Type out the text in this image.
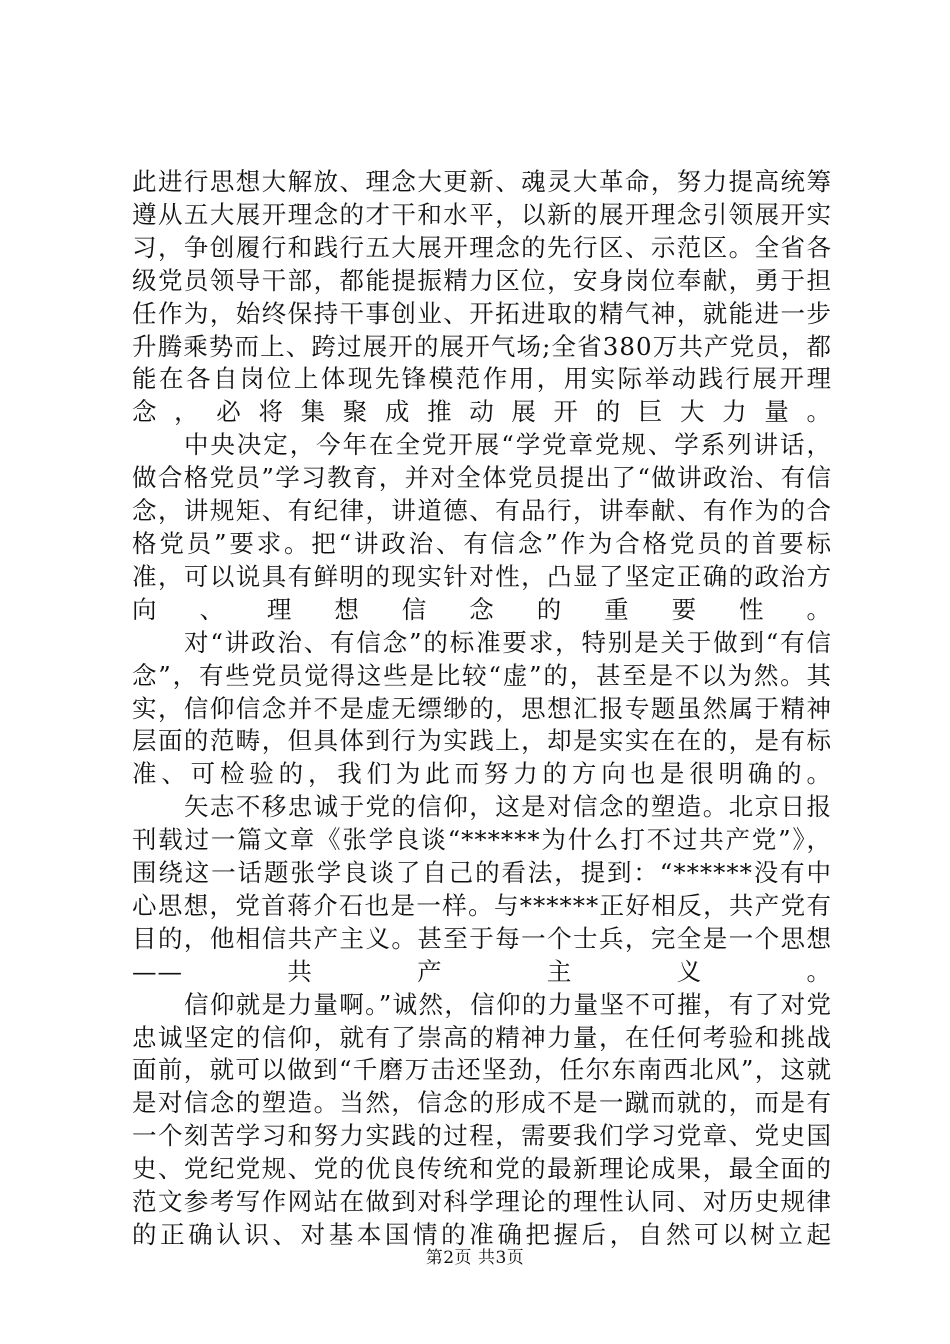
此进行思想大解放、理念大更新、魂灵大革命，努力提高统筹遵从五大展开理念的才干和水平，以新的展开理念引领展开实习，争创履行和践行五大展开理念的先行区、示范区。全省各级党员领导干部，都能提振精力区位，安身岗位奉献，勇于担任作为，始终保持干事创业、开拓进取的精气神，就能进一步升腾乘势而上、跨过展开的展开气场;全省380万共产党员，都能在各自岗位上体现先锋模范作用，用实际举动践行展开理念，必将集聚成推动展开的巨大力量。

中央决定，今年在全党开展“学党章党规、学系列讲话，做合格党员”学习教育，并对全体党员提出了“做讲政治、有信念，讲规矩、有纪律，讲道德、有品行，讲奉献、有作为的合格党员”要求。把“讲政治、有信念”作为合格党员的首要标准，可以说具有鲜明的现实针对性，凸显了坚定正确的政治方向、理想信念的重要性。

对“讲政治、有信念”的标准要求，特别是关于做到“有信念”，有些党员觉得这些是比较“虚”的，甚至是不以为然。其实，信仰信念并不是虚无缥缈的，思想汇报专题虽然属于精神层面的范畴，但具体到行为实践上，却是实实在在的，是有标准、可检验的，我们为此而努力的方向也是很明确的。

矢志不移忠诚于党的信仰，这是对信念的塑造。北京日报刊载过一篇文章《张学良谈“******为什么打不过共产党”》，围绕这一话题张学良谈了自己的看法，提到：“******没有中心思想，党首蒋介石也是一样。与******正好相反，共产党有目的，他相信共产主义。甚至于每一个士兵，完全是一个思想——共产主义。

信仰就是力量啊。”诚然，信仰的力量坚不可摧，有了对党忠诚坚定的信仰，就有了崇高的精神力量，在任何考验和挑战面前，就可以做到“千磨万击还坚劲，任尔东南西北风”，这就是对信念的塑造。当然，信念的形成不是一蹴而就的，而是有一个刻苦学习和努力实践的过程，需要我们学习党章、党史国史、党纪党规、党的优良传统和党的最新理论成果，最全面的范文参考写作网站在做到对科学理论的理性认同、对历史规律的正确认识、对基本国情的准确把握后，自然可以树立起

第2页 共3页
